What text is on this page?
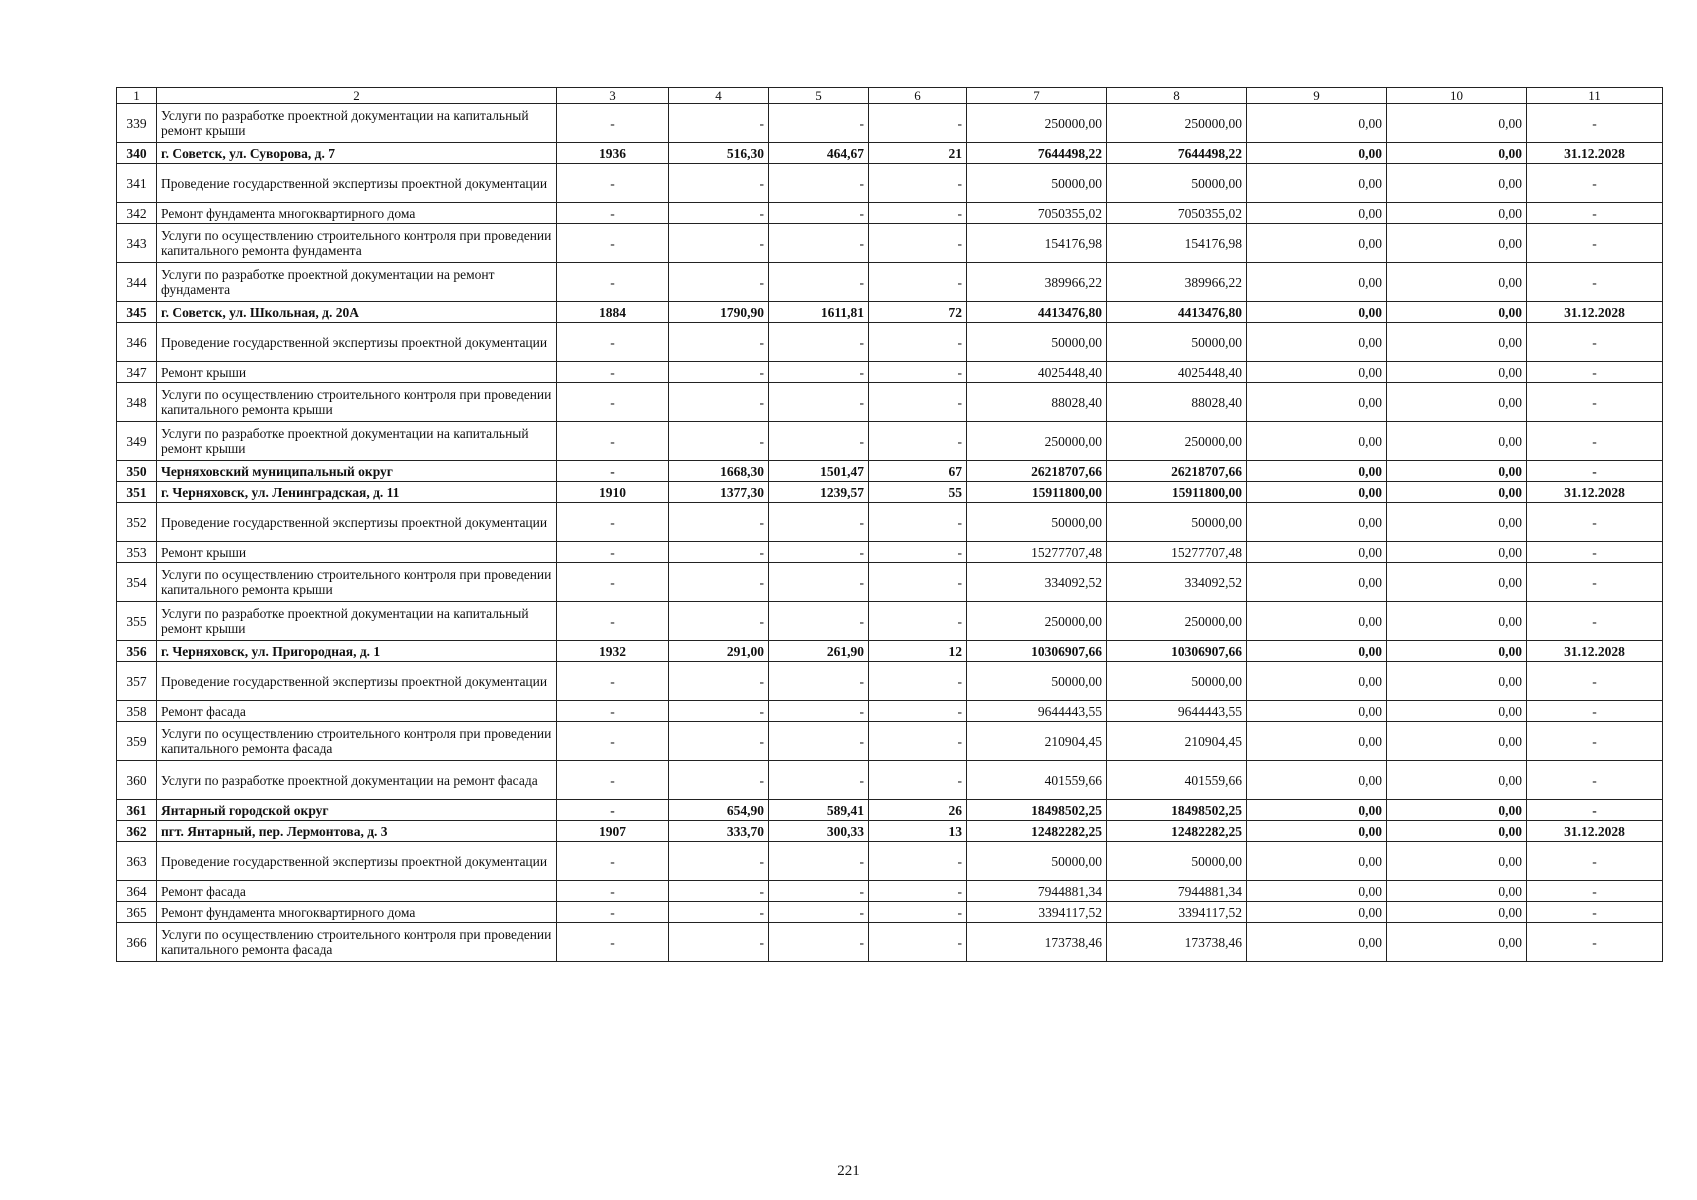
1	2	3	4	5	6	7	8	9	10	11
339	Услуги по разработке проектной документации на капитальный ремонт крыши	-	-	-	-	250000,00	250000,00	0,00	0,00	-
340	г. Советск, ул. Суворова, д. 7	1936	516,30	464,67	21	7644498,22	7644498,22	0,00	0,00	31.12.2028
341	Проведение государственной экспертизы проектной документации	-	-	-	-	50000,00	50000,00	0,00	0,00	-
342	Ремонт фундамента многоквартирного дома	-	-	-	-	7050355,02	7050355,02	0,00	0,00	-
343	Услуги по осуществлению строительного контроля при проведении капитального ремонта фундамента	-	-	-	-	154176,98	154176,98	0,00	0,00	-
344	Услуги по разработке проектной документации на ремонт фундамента	-	-	-	-	389966,22	389966,22	0,00	0,00	-
345	г. Советск, ул. Школьная, д. 20А	1884	1790,90	1611,81	72	4413476,80	4413476,80	0,00	0,00	31.12.2028
346	Проведение государственной экспертизы проектной документации	-	-	-	-	50000,00	50000,00	0,00	0,00	-
347	Ремонт крыши	-	-	-	-	4025448,40	4025448,40	0,00	0,00	-
348	Услуги по осуществлению строительного контроля при проведении капитального ремонта крыши	-	-	-	-	88028,40	88028,40	0,00	0,00	-
349	Услуги по разработке проектной документации на капитальный ремонт крыши	-	-	-	-	250000,00	250000,00	0,00	0,00	-
350	Черняховский муниципальный округ	-	1668,30	1501,47	67	26218707,66	26218707,66	0,00	0,00	-
351	г. Черняховск, ул. Ленинградская, д. 11	1910	1377,30	1239,57	55	15911800,00	15911800,00	0,00	0,00	31.12.2028
352	Проведение государственной экспертизы проектной документации	-	-	-	-	50000,00	50000,00	0,00	0,00	-
353	Ремонт крыши	-	-	-	-	15277707,48	15277707,48	0,00	0,00	-
354	Услуги по осуществлению строительного контроля при проведении капитального ремонта крыши	-	-	-	-	334092,52	334092,52	0,00	0,00	-
355	Услуги по разработке проектной документации на капитальный ремонт крыши	-	-	-	-	250000,00	250000,00	0,00	0,00	-
356	г. Черняховск, ул. Пригородная, д. 1	1932	291,00	261,90	12	10306907,66	10306907,66	0,00	0,00	31.12.2028
357	Проведение государственной экспертизы проектной документации	-	-	-	-	50000,00	50000,00	0,00	0,00	-
358	Ремонт фасада	-	-	-	-	9644443,55	9644443,55	0,00	0,00	-
359	Услуги по осуществлению строительного контроля при проведении капитального ремонта фасада	-	-	-	-	210904,45	210904,45	0,00	0,00	-
360	Услуги по разработке проектной документации на ремонт фасада	-	-	-	-	401559,66	401559,66	0,00	0,00	-
361	Янтарный городской округ	-	654,90	589,41	26	18498502,25	18498502,25	0,00	0,00	-
362	пгт. Янтарный, пер. Лермонтова, д. 3	1907	333,70	300,33	13	12482282,25	12482282,25	0,00	0,00	31.12.2028
363	Проведение государственной экспертизы проектной документации	-	-	-	-	50000,00	50000,00	0,00	0,00	-
364	Ремонт фасада	-	-	-	-	7944881,34	7944881,34	0,00	0,00	-
365	Ремонт фундамента многоквартирного дома	-	-	-	-	3394117,52	3394117,52	0,00	0,00	-
366	Услуги по осуществлению строительного контроля при проведении капитального ремонта фасада	-	-	-	-	173738,46	173738,46	0,00	0,00	-
221
